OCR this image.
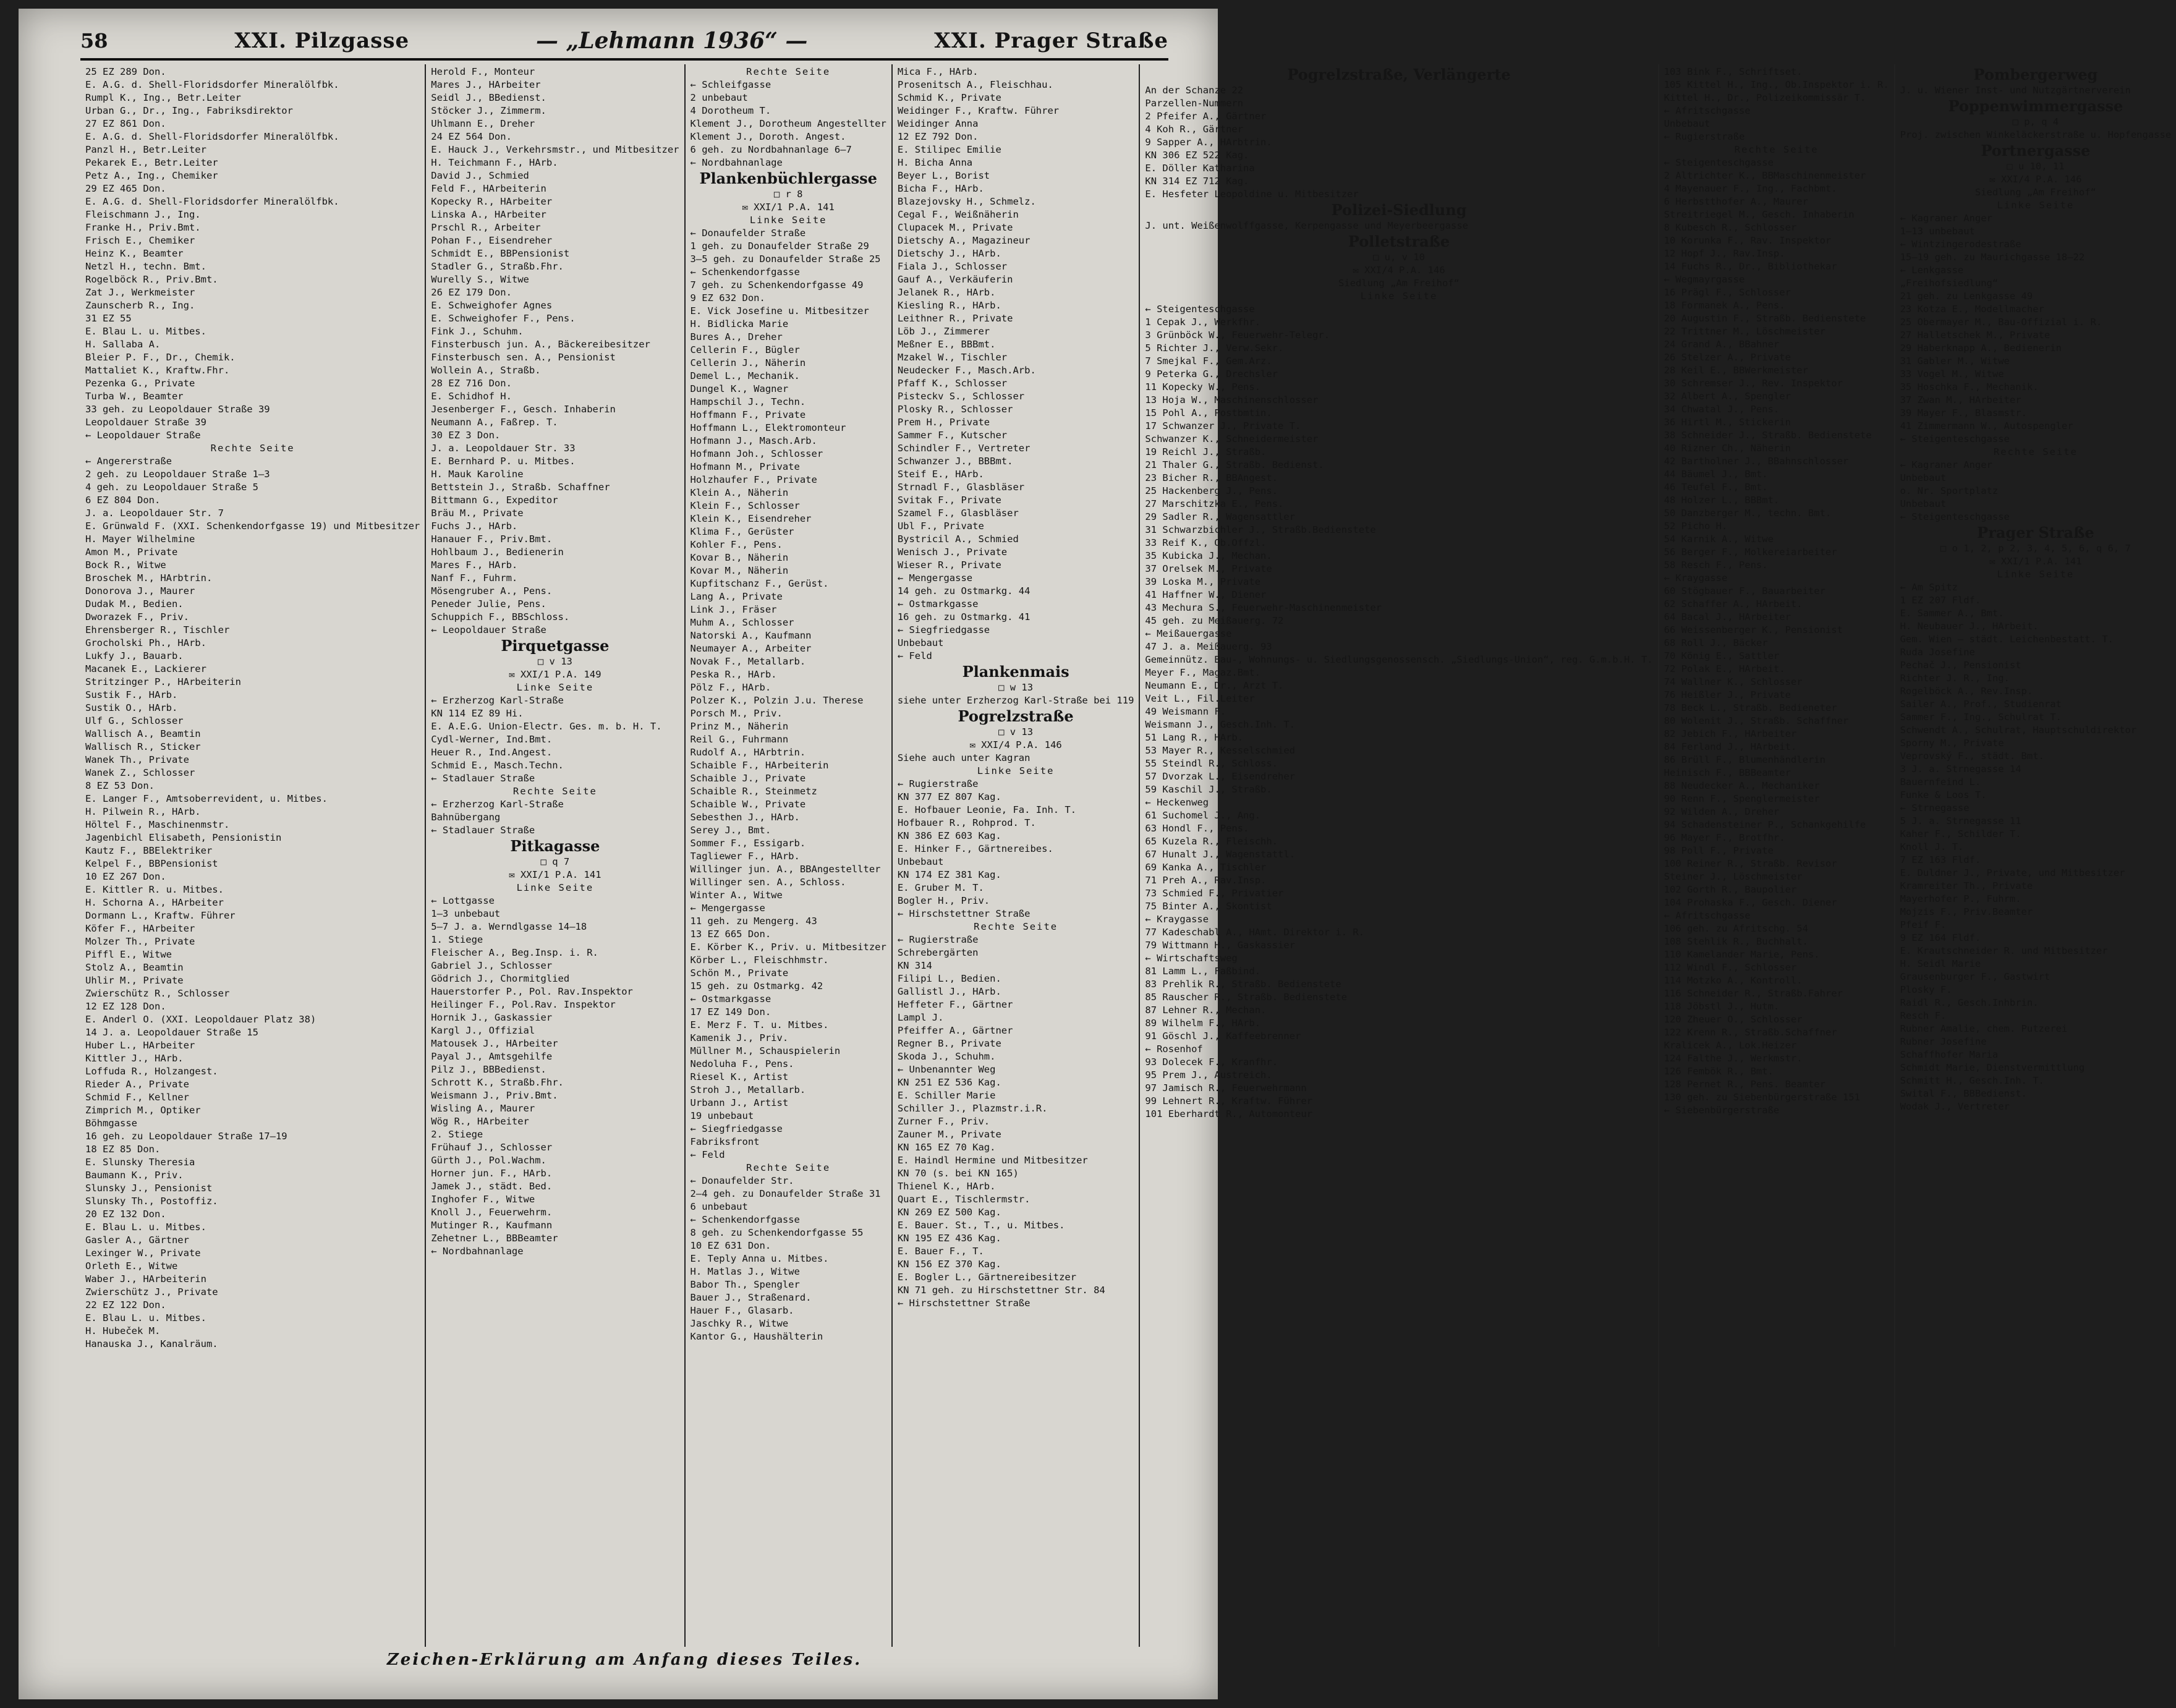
58	XXI. Pilzgasse	— „Lehmann 1936“ —	XXI. Prager Straße
25 EZ 289 Don.
E. A.G. d. Shell-Floridsdorfer Mineralölfbk.
Rumpl K., Ing., Betr.Leiter
Urban G., Dr., Ing., Fabriksdirektor
27 EZ 861 Don.
E. A.G. d. Shell-Floridsdorfer Mineralölfbk.
Panzl H., Betr.Leiter
Pekarek E., Betr.Leiter
Petz A., Ing., Chemiker
29 EZ 465 Don.
E. A.G. d. Shell-Floridsdorfer Mineralölfbk.
Fleischmann J., Ing.
Franke H., Priv.Bmt.
Frisch E., Chemiker
Heinz K., Beamter
Netzl H., techn. Bmt.
Rogelböck R., Priv.Bmt.
Zat J., Werkmeister
Zaunscherb R., Ing.
31 EZ 55
E. Blau L. u. Mitbes.
H. Sallaba A.
Bleier P. F., Dr., Chemik.
Mattaliet K., Kraftw.Fhr.
Pezenka G., Private
Turba W., Beamter
33 geh. zu Leopoldauer Straße 39
Leopoldauer Straße 39
← Leopoldauer Straße
Rechte Seite
← Angererstraße
2 geh. zu Leopoldauer Straße 1—3
4 geh. zu Leopoldauer Straße 5
6 EZ 804 Don.
J. a. Leopoldauer Str. 7
E. Grünwald F. (XXI. Schenkendorfgasse 19) und Mitbesitzer
H. Mayer Wilhelmine
Amon M., Private
Bock R., Witwe
Broschek M., HArbtrin.
Donorova J., Maurer
Dudak M., Bedien.
Dworazek F., Priv.
Ehrensberger R., Tischler
Grocholski Ph., HArb.
Lukfy J., Bauarb.
Macanek E., Lackierer
Stritzinger P., HArbeiterin
Sustik F., HArb.
Sustik O., HArb.
Ulf G., Schlosser
Wallisch A., Beamtin
Wallisch R., Sticker
Wanek Th., Private
Wanek Z., Schlosser
8 EZ 53 Don.
E. Langer F., Amtsoberrevident, u. Mitbes.
H. Pilwein R., HArb.
Höltel F., Maschinenmstr.
Jagenbichl Elisabeth, Pensionistin
Kautz F., BBElektriker
Kelpel F., BBPensionist
10 EZ 267 Don.
E. Kittler R. u. Mitbes.
H. Schorna A., HArbeiter
Dormann L., Kraftw. Führer
Köfer F., HArbeiter
Molzer Th., Private
Piffl E., Witwe
Stolz A., Beamtin
Uhlir M., Private
Zwierschütz R., Schlosser
12 EZ 128 Don.
E. Anderl O. (XXI. Leopoldauer Platz 38)
14 J. a. Leopoldauer Straße 15
Huber L., HArbeiter
Kittler J., HArb.
Loffuda R., Holzangest.
Rieder A., Private
Schmid F., Kellner
Zimprich M., Optiker
Böhmgasse
16 geh. zu Leopoldauer Straße 17—19
18 EZ 85 Don.
E. Slunsky Theresia
Baumann K., Priv.
Slunsky J., Pensionist
Slunsky Th., Postoffiz.
20 EZ 132 Don.
E. Blau L. u. Mitbes.
Gasler A., Gärtner
Lexinger W., Private
Orleth E., Witwe
Waber J., HArbeiterin
Zwierschütz J., Private
22 EZ 122 Don.
E. Blau L. u. Mitbes.
H. Hubeček M.
Hanauska J., Kanalräum.
Herold F., Monteur
Mares J., HArbeiter
Seidl J., BBedienst.
Stöcker J., Zimmerm.
Uhlmann E., Dreher
24 EZ 564 Don.
E. Hauck J., Verkehrsmstr., und Mitbesitzer
H. Teichmann F., HArb.
David J., Schmied
Feld F., HArbeiterin
Kopecky R., HArbeiter
Linska A., HArbeiter
Prschl R., Arbeiter
Pohan F., Eisendreher
Schmidt E., BBPensionist
Stadler G., Straßb.Fhr.
Wurelly S., Witwe
26 EZ 179 Don.
E. Schweighofer Agnes
E. Schweighofer F., Pens.
Fink J., Schuhm.
Finsterbusch jun. A., Bäckereibesitzer
Finsterbusch sen. A., Pensionist
Wollein A., Straßb.
28 EZ 716 Don.
E. Schidhof H.
Jesenberger F., Gesch. Inhaberin
Neumann A., Faßrep. T.
30 EZ 3 Don.
J. a. Leopoldauer Str. 33
E. Bernhard P. u. Mitbes.
H. Mauk Karoline
Bettstein J., Straßb. Schaffner
Bittmann G., Expeditor
Bräu M., Private
Fuchs J., HArb.
Hanauer F., Priv.Bmt.
Hohlbaum J., Bedienerin
Mares F., HArb.
Nanf F., Fuhrm.
Mösengruber A., Pens.
Peneder Julie, Pens.
Schuppich F., BBSchloss.
← Leopoldauer Straße
Pirquetgasse
□ v 13
✉ XXI/1 P.A. 149
Linke Seite
← Erzherzog Karl-Straße
KN 114 EZ 89 Hi.
E. A.E.G. Union-Electr. Ges. m. b. H. T.
Cydl-Werner, Ind.Bmt.
Heuer R., Ind.Angest.
Schmid E., Masch.Techn.
← Stadlauer Straße
Rechte Seite
← Erzherzog Karl-Straße
Bahnübergang
← Stadlauer Straße
Pitkagasse
□ q 7
✉ XXI/1 P.A. 141
Linke Seite
← Lottgasse
1—3 unbebaut
5—7 J. a. Werndlgasse 14—18
1. Stiege
Fleischer A., Beg.Insp. i. R.
Gabriel J., Schlosser
Gödrich J., Chormitglied
Hauerstorfer P., Pol. Rav.Inspektor
Heilinger F., Pol.Rav. Inspektor
Hornik J., Gaskassier
Kargl J., Offizial
Matousek J., HArbeiter
Payal J., Amtsgehilfe
Pilz J., BBBedienst.
Schrott K., Straßb.Fhr.
Weismann J., Priv.Bmt.
Wisling A., Maurer
Wög R., HArbeiter
2. Stiege
Frühauf J., Schlosser
Gürth J., Pol.Wachm.
Horner jun. F., HArb.
Jamek J., städt. Bed.
Inghofer F., Witwe
Knoll J., Feuerwehrm.
Mutinger R., Kaufmann
Zehetner L., BBBeamter
← Nordbahnanlage
Rechte Seite
← Schleifgasse
2 unbebaut
4 Dorotheum T.
Klement J., Dorotheum Angestellter
Klement J., Doroth. Angest.
6 geh. zu Nordbahnanlage 6—7
← Nordbahnanlage
Plankenbüchlergasse
□ r 8
✉ XXI/1 P.A. 141
Linke Seite
← Donaufelder Straße
1 geh. zu Donaufelder Straße 29
3—5 geh. zu Donaufelder Straße 25
← Schenkendorfgasse
7 geh. zu Schenkendorfgasse 49
9 EZ 632 Don.
E. Vick Josefine u. Mitbesitzer
H. Bidlicka Marie
Bures A., Dreher
Cellerin F., Bügler
Cellerin J., Näherin
Demel L., Mechanik.
Dungel K., Wagner
Hampschil J., Techn.
Hoffmann F., Private
Hoffmann L., Elektromonteur
Hofmann J., Masch.Arb.
Hofmann Joh., Schlosser
Hofmann M., Private
Holzhaufer F., Private
Klein A., Näherin
Klein F., Schlosser
Klein K., Eisendreher
Klima F., Gerüster
Kohler F., Pens.
Kovar B., Näherin
Kovar M., Näherin
Kupfitschanz F., Gerüst.
Lang A., Private
Link J., Fräser
Muhm A., Schlosser
Natorski A., Kaufmann
Neumayer A., Arbeiter
Novak F., Metallarb.
Peska R., HArb.
Pölz F., HArb.
Polzer K., Polzin J.u. Therese
Porsch M., Priv.
Prinz M., Näherin
Reil G., Fuhrmann
Rudolf A., HArbtrin.
Schaible F., HArbeiterin
Schaible J., Private
Schaible R., Steinmetz
Schaible W., Private
Sebesthen J., HArb.
Serey J., Bmt.
Sommer F., Essigarb.
Tagliewer F., HArb.
Willinger jun. A., BBAngestellter
Willinger sen. A., Schloss.
Winter A., Witwe
← Mengergasse
11 geh. zu Mengerg. 43
13 EZ 665 Don.
E. Körber K., Priv. u. Mitbesitzer
Körber L., Fleischhmstr.
Schön M., Private
15 geh. zu Ostmarkg. 42
← Ostmarkgasse
17 EZ 149 Don.
E. Merz F. T. u. Mitbes.
Kamenik J., Priv.
Müllner M., Schauspielerin
Nedoluha F., Pens.
Riesel K., Artist
Stroh J., Metallarb.
Urbann J., Artist
19 unbebaut
← Siegfriedgasse
Fabriksfront
← Feld
Rechte Seite
← Donaufelder Str.
2—4 geh. zu Donaufelder Straße 31
6 unbebaut
← Schenkendorfgasse
8 geh. zu Schenkendorfgasse 55
10 EZ 631 Don.
E. Teply Anna u. Mitbes.
H. Matlas J., Witwe
Babor Th., Spengler
Bauer J., Straßenard.
Hauer F., Glasarb.
Jaschky R., Witwe
Kantor G., Haushälterin
Mica F., HArb.
Prosenitsch A., Fleischhau.
Schmid K., Private
Weidinger F., Kraftw. Führer
Weidinger Anna
12 EZ 792 Don.
E. Stilipec Emilie
H. Bicha Anna
Beyer L., Borist
Bicha F., HArb.
Blazejovsky H., Schmelz.
Cegal F., Weißnäherin
Clupacek M., Private
Dietschy A., Magazineur
Dietschy J., HArb.
Fiala J., Schlosser
Gauf A., Verkäuferin
Jelanek R., HArb.
Kiesling R., HArb.
Leithner R., Private
Löb J., Zimmerer
Meßner E., BBBmt.
Mzakel W., Tischler
Neudecker F., Masch.Arb.
Pfaff K., Schlosser
Pisteckv S., Schlosser
Plosky R., Schlosser
Prem H., Private
Sammer F., Kutscher
Schindler F., Vertreter
Schwanzer J., BBBmt.
Steif E., HArb.
Strnadl F., Glasbläser
Svitak F., Private
Szamel F., Glasbläser
Ubl F., Private
Bystricil A., Schmied
Wenisch J., Private
Wieser R., Private
← Mengergasse
14 geh. zu Ostmarkg. 44
← Ostmarkgasse
16 geh. zu Ostmarkg. 41
← Siegfriedgasse
Unbebaut
← Feld
Plankenmais
□ w 13
siehe unter Erzherzog Karl-Straße bei 119
Pogrelzstraße
□ v 13
✉ XXI/4 P.A. 146
Siehe auch unter Kagran
Linke Seite
← Rugierstraße
KN 377 EZ 807 Kag.
E. Hofbauer Leonie, Fa. Inh. T.
Hofbauer R., Rohprod. T.
KN 386 EZ 603 Kag.
E. Hinker F., Gärtnereibes.
Unbebaut
KN 174 EZ 381 Kag.
E. Gruber M. T.
Bogler H., Priv.
← Hirschstettner Straße
Rechte Seite
← Rugierstraße
Schrebergärten
KN 314
Filipi L., Bedien.
Gallistl J., HArb.
Heffeter F., Gärtner
Lampl J.
Pfeiffer A., Gärtner
Regner B., Private
Skoda J., Schuhm.
← Unbenannter Weg
KN 251 EZ 536 Kag.
E. Schiller Marie
Schiller J., Plazmstr.i.R.
Zurner F., Priv.
Zauner M., Private
KN 165 EZ 70 Kag.
E. Haindl Hermine und Mitbesitzer
KN 70 (s. bei KN 165)
Thienel K., HArb.
Quart E., Tischlermstr.
KN 269 EZ 500 Kag.
E. Bauer. St., T., u. Mitbes.
KN 195 EZ 436 Kag.
E. Bauer F., T.
KN 156 EZ 370 Kag.
E. Bogler L., Gärtnereibesitzer
KN 71 geh. zu Hirschstettner Str. 84
← Hirschstettner Straße
Pogrelzstraße, Verlängerte
An der Schanze 22
Parzellen-Nummern
2 Pfeifer A., Gärtner
4 Koh R., Gärtner
9 Sapper A., HArbtrin.
KN 306 EZ 522 Kag.
E. Döller Katharina
KN 314 EZ 712 Kag.
E. Hesfeter Leopoldine u. Mitbesitzer
Polizei-Siedlung
J. unt. Weißenwolffgasse, Kerpengasse und Meyerbeergasse
Polletstraße
□ u, v 10
✉ XXI/4 P.A. 146
Siedlung „Am Freihof“
Linke Seite
← Steigenteschgasse
1 Cepak J., Werkfhr.
3 Grünböck W., Feuerwehr-Telegr.
5 Richter J., Verw.Sekr.
7 Smejkal F., Gem.Arz.
9 Peterka G., Drechsler
11 Kopecky W., Pens.
13 Hoja W., Maschinenschlosser
15 Pohl A., Postbmtin.
17 Schwanzer J., Private T.
Schwanzer K., Schneidermeister
19 Reichl J., Straßb.
21 Thaler G., Straßb. Bedienst.
23 Bicher R., BBAngest.
25 Hackenberg J., Pens.
27 Marschitzka E., Pens.
29 Sadler R., Wagensattler
31 Schwarzbichler J., Straßb.Bedienstete
33 Reif K., Ob.Offzl.
35 Kubicka J., Mechan.
37 Orelsek M., Private
39 Loska M., Private
41 Haffner W., Diener
43 Mechura S., Feuerwehr-Maschinenmeister
45 geh. zu Meißauerg. 72
← Meißauergasse
47 J. a. Meißauerg. 93
Gemeinnütz. Bau-, Wohnungs- u. Siedlungsgenossensch. „Siedlungs-Union“, reg. G.m.b.H. T.
Meyer F., Magaz.Bmt.
Neumann E., Dr., Arzt T.
Veit L., Fil.Leiter
49 Weismann F.
Weismann J., Gesch.Inh. T.
51 Lang R., HArb.
53 Mayer R., Kesselschmied
55 Steindl R., Schloss.
57 Dvorzak L., Eisendreher
59 Kaschil J., Straßb.
← Heckenweg
61 Suchomel J., Ang.
63 Hondl F., Pens.
65 Kuzela R., Fleischh.
67 Hunalt J., Wagenstattl.
69 Kanka A., Tischler
71 Preh A., Rav.Insp.
73 Schmied F., Privatier
75 Binter A., Skontist
← Kraygasse
77 Kadeschabl A., HAmt. Direktor i. R.
79 Wittmann H., Gaskassier
← Wirtschaftsweg
81 Lamm L., Faßbind.
83 Prehlik R., Straßb. Bedienstete
85 Rauscher R., Straßb. Bedienstete
87 Lehner R., Mechan.
89 Wilhelm F., HArb.
91 Göschl J., Kaffeebrenner
← Rosenhof
93 Dolecek F., Kranfhr.
95 Prem J., Austreich.
97 Jamisch R., Feuerwehrmann
99 Lehnert R., Kraftw. Führer
101 Eberhardt R., Automonteur
103 Bink F., Schriftset.
105 Kittel H., Ing., Ob.Inspektor i. R.
Kittel H., Dr., Polizeikommissär T.
← Afritschgasse
Unbebaut
← Rugierstraße
Rechte Seite
← Steigenteschgasse
2 Altrichter K., BBMaschinenmeister
4 Mayenauer F., Ing., Fachbmt.
6 Herbstthofer A., Maurer
Streitriegel M., Gesch. Inhaberin
8 Kubesch R., Schlosser
10 Korunka F., Rav. Inspektor
12 Hopf J., Rav.Insp.
14 Fuchs R., Dr., Bibliothekar
← Wegmayrgasse
16 Prägl F., Schlosser
18 Formanek A., Pens.
20 Augustin F., Straßb. Bedienstete
22 Trittner M., Löschmeister
24 Grand A., BBahner
26 Stelzer A., Private
28 Keil E., BBWerkmeister
30 Schremser J., Rev. Inspektor
32 Albert A., Spengler
34 Chwatal J., Pens.
36 Hirtl M., Stickerin
38 Schneider J., Straßb. Bedienstete
40 Rizner Ch., Näherin
42 Bartholner J., BBahnschlosser
44 Bäumel J., Bmt.
46 Teufel F., Bmt.
48 Holzer L., BBBmt.
50 Danzberger M., techn. Bmt.
52 Picho H.
54 Karnik A., Witwe
56 Berger F., Molkereiarbeiter
58 Resch F., Pens.
← Kraygasse
60 Stögbauer F., Bauarbeiter
62 Schaffer A., HArbeit.
64 Bacal J., HArbeiter
66 Weissenberger K., Pensionist
68 Roll J., Bäcker
70 König E., Sattler
72 Polak E., HArbeit.
74 Wallner K., Schlosser
76 Heißler J., Private
78 Beck L., Straßb. Bedieneter
80 Wolenit J., Straßb. Schaffner
82 Jebich F., HArbeiter
84 Ferland J., HArbeit.
86 Brüll F., Blumenhändlerin
Heinisch F., BBBeamter
88 Neudecker A., Mechaniker
90 Renn F., Spenglermeister
92 Wilden A., Dreher
94 Schadensteiner P., Schankgehilfe
96 Mayer F., Brotfhr.
98 Poll F., Private
100 Reiner R., Straßb. Revisor
Steiner J., Löschmeister
102 Gorth R., Baupolier
104 Prohaska F., Gesch. Diener
← Afritschgasse
106 geh. zu Afritschg. 54
108 Stehlik R., Buchhalt.
110 Kamelander Marie, Pens.
112 Windl F., Schlosser
114 Motzko A., Kontroll.
116 Schneider R., Straßb.Fahrer
118 Jöbstl J., Hutm.
120 Zheuer O., Schlosser
122 Krenn R., Straßb.Schaffner
Kralicek A., Lok.Heizer
124 Falthe J., Werkmstr.
126 Fembök R., Bmt.
128 Pernet R., Pens. Beamter
130 geh. zu Siebenbürgerstraße 151
← Siebenbürgerstraße
Pombergerweg
J. u. Wiener Inst- und Nutzgärtnerverein
Poppenwimmergasse
□ p, q 4
Proj. zwischen Winkeläckerstraße u. Hopfengasse
Portnergasse
□ u 10, 11
✉ XXI/4 P.A. 146
Siedlung „Am Freihof“
Linke Seite
← Kagraner Anger
1—13 unbebaut
← Wintzingerodestraße
15—19 geh. zu Maurichgasse 18—22
← Lenkgasse
„Freihofsiedlung“
21 geh. zu Lenkgasse 49
23 Kotza E., Modellmacher
25 Obermayer M., Bau-Offizial i. R.
27 Halletschek M., Private
29 Haberknapp A., Bedienerin
31 Gabler M., Witwe
33 Vogel M., Witwe
35 Hoschka F., Mechanik.
37 Zwan M., HArbeiter
39 Mayer F., Blasmstr.
41 Zimmermann W., Autospengler
← Steigenteschgasse
Rechte Seite
← Kagraner Anger
Unbebaut
o. Nr. Sportplatz
Unbebaut
← Steigenteschgasse
Prager Straße
□ o 1, 2, p 2, 3, 4, 5, 6, q 6, 7
✉ XXI/1 P.A. 141
Linke Seite
← Am Spitz
1 EZ 207 Fldf.
E. Sammer A., Bmt.
H. Neubauer J., HArbeit.
Gem. Wien — städt. Leichenbestatt. T.
Ruda Josefine
Pechač J., Pensionist
Richter J. R., Ing.
Rogelböck A., Rev.Insp.
Sailer A., Prof., Studienrat
Sammer F., Ing., Schulrat T.
Schwendt A., Schulrat, Hauptschuldirektor
Sporny M., Private
Veprovský F., städt. Bmt.
3 J. a. Strnegasse 14
Bauernfeind L.
Funke & Loos T.
← Strnegasse
5 J. a. Strnegasse 11
Kaher F., Schilder T.
Knoll J. T.
7 EZ 163 Fldf.
E. Duldner J., Private, und Mitbesitzer
Kramreiter Th., Private
Mayerhofer P., Fuhrm.
Mojzis F., Priv.Beamter
Pfeif F.
9 EZ 164 Fldf.
E. Krautschneider R. und Mitbesitzer
H. Seidl Marie
Grausenburger F., Gastwirt
Plosky F.
Raidl R., Gesch.Inhbrin.
Resch F.
Rubner Amalie, chem. Putzerei
Rubner Josefine
Schaffhofer Maria
Schmidt Marie, Dienstvermittlung
Schmitt H., Gesch.Inh. T.
Swital F., BBBedienst.
Wodak J., Vertreter
Zeichen-Erklärung am Anfang dieses Teiles.
